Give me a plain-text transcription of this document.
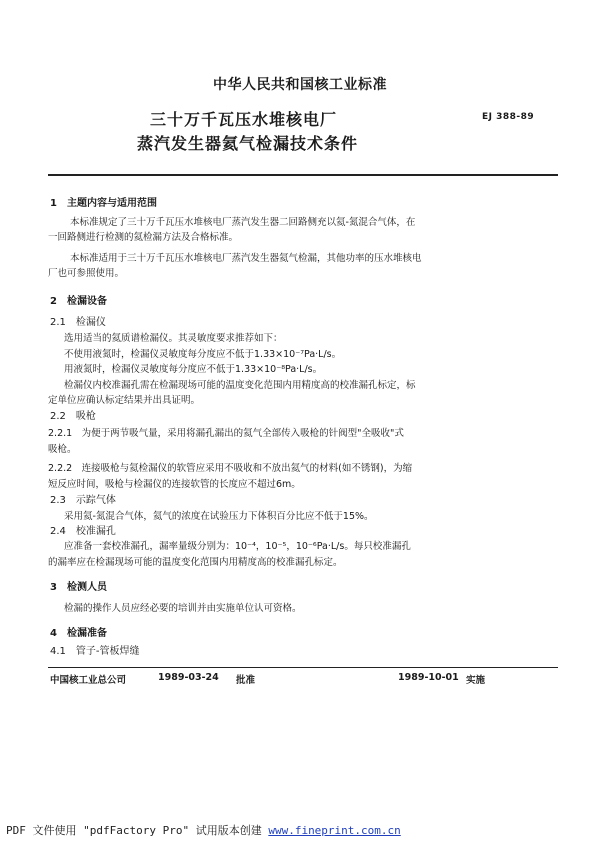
中华人民共和国核工业标准
三十万千瓦压水堆核电厂
蒸汽发生器氦气检漏技术条件
EJ 388-89
1　主题内容与适用范围
本标准规定了三十万千瓦压水堆核电厂蒸汽发生器二回路侧充以氦-氮混合气体，在
一回路侧进行检测的氦检漏方法及合格标准。
本标准适用于三十万千瓦压水堆核电厂蒸汽发生器氦气检漏，其他功率的压水堆核电
厂也可参照使用。
2　检漏设备
2.1　检漏仪
选用适当的氦质谱检漏仪。其灵敏度要求推荐如下：
不使用液氮时，检漏仪灵敏度每分度应不低于1.33×10⁻⁷Pa·L/s。
用液氮时，检漏仪灵敏度每分度应不低于1.33×10⁻⁸Pa·L/s。
检漏仪内校准漏孔需在检漏现场可能的温度变化范围内用精度高的校准漏孔标定，标
定单位应确认标定结果并出具证明。
2.2　吸枪
2.2.1　为便于两节吸气量，采用将漏孔漏出的氦气全部传入吸枪的针阀型"全吸收"式
吸枪。
2.2.2　连接吸枪与氦检漏仪的软管应采用不吸收和不放出氦气的材料(如不锈钢)，为缩
短反应时间，吸枪与检漏仪的连接软管的长度应不超过6m。
2.3　示踪气体
采用氦-氮混合气体，氦气的浓度在试验压力下体积百分比应不低于15%。
2.4　校准漏孔
应准备一套校准漏孔，漏率量级分别为：10⁻⁴，10⁻⁵，10⁻⁶Pa·L/s。每只校准漏孔
的漏率应在检漏现场可能的温度变化范围内用精度高的校准漏孔标定。
3　检测人员
检漏的操作人员应经必要的培训并由实施单位认可资格。
4　检漏准备
4.1　管子-管板焊缝
中国核工业总公司	1989-03-24 批准	1989-10-01 实施
PDF 文件使用 "pdfFactory Pro" 试用版本创建 www.fineprint.com.cn
